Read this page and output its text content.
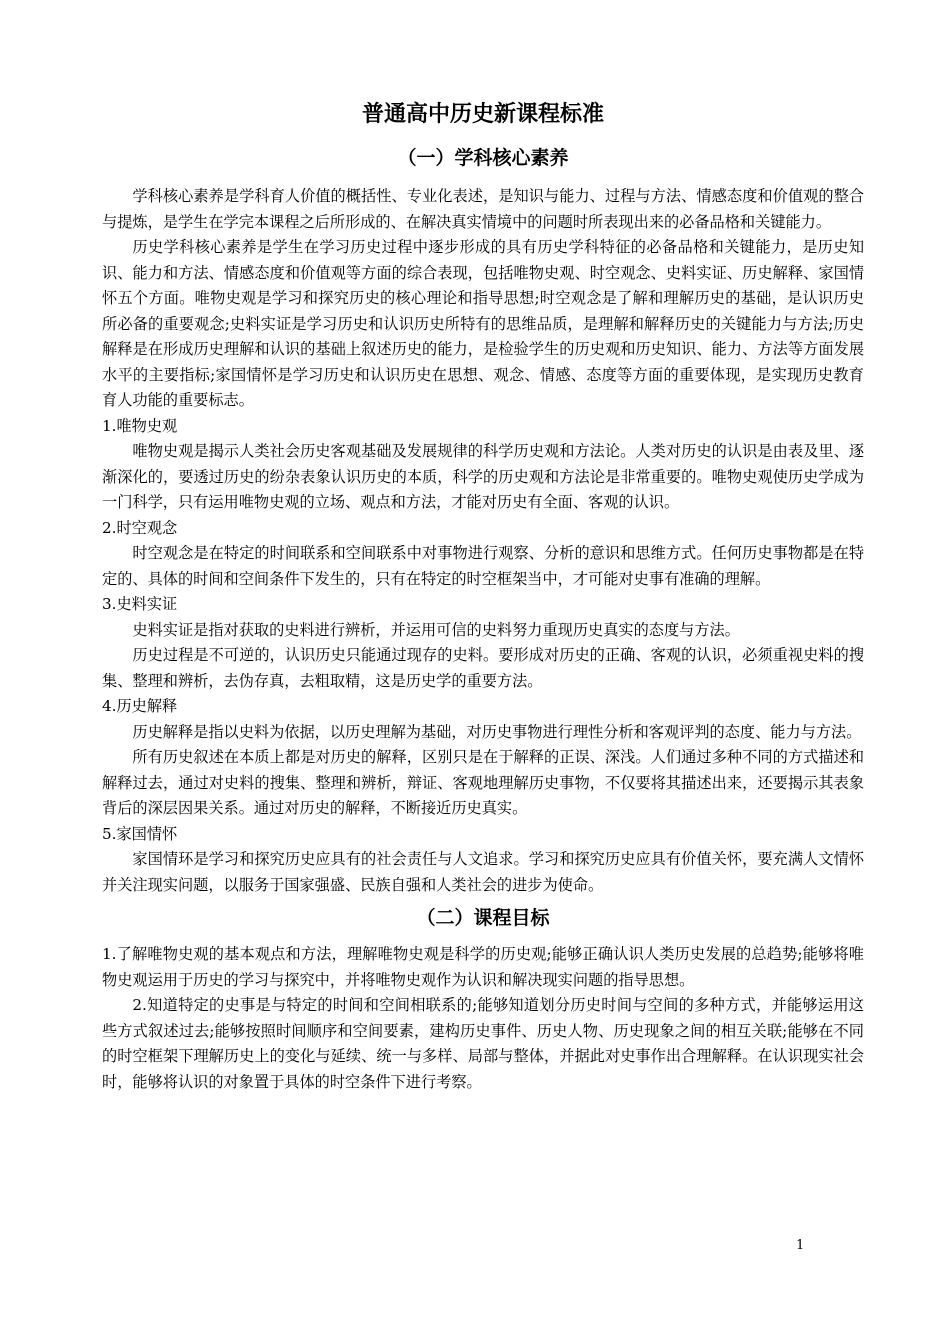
普通高中历史新课程标准
（一）学科核心素养

学科核心素养是学科育人价值的概括性、专业化表述，是知识与能力、过程与方法、情感态度和价值观的整合与提炼，是学生在学完本课程之后所形成的、在解决真实情境中的问题时所表现出来的必备品格和关键能力。

历史学科核心素养是学生在学习历史过程中逐步形成的具有历史学科特征的必备品格和关键能力，是历史知识、能力和方法、情感态度和价值观等方面的综合表现，包括唯物史观、时空观念、史料实证、历史解释、家国情怀五个方面。唯物史观是学习和探究历史的核心理论和指导思想;时空观念是了解和理解历史的基础，是认识历史所必备的重要观念;史料实证是学习历史和认识历史所特有的思维品质，是理解和解释历史的关键能力与方法;历史解释是在形成历史理解和认识的基础上叙述历史的能力，是检验学生的历史观和历史知识、能力、方法等方面发展水平的主要指标;家国情怀是学习历史和认识历史在思想、观念、情感、态度等方面的重要体现，是实现历史教育育人功能的重要标志。

1.唯物史观

唯物史观是揭示人类社会历史客观基础及发展规律的科学历史观和方法论。人类对历史的认识是由表及里、逐渐深化的，要透过历史的纷杂表象认识历史的本质，科学的历史观和方法论是非常重要的。唯物史观使历史学成为一门科学，只有运用唯物史观的立场、观点和方法，才能对历史有全面、客观的认识。

2.时空观念

时空观念是在特定的时间联系和空间联系中对事物进行观察、分析的意识和思维方式。任何历史事物都是在特定的、具体的时间和空间条件下发生的，只有在特定的时空框架当中，才可能对史事有准确的理解。

3.史料实证

史料实证是指对获取的史料进行辨析，并运用可信的史料努力重现历史真实的态度与方法。

历史过程是不可逆的，认识历史只能通过现存的史料。要形成对历史的正确、客观的认识，必须重视史料的搜集、整理和辨析，去伪存真，去粗取精，这是历史学的重要方法。

4.历史解释

历史解释是指以史料为依据，以历史理解为基础，对历史事物进行理性分析和客观评判的态度、能力与方法。

所有历史叙述在本质上都是对历史的解释，区别只是在于解释的正误、深浅。人们通过多种不同的方式描述和解释过去，通过对史料的搜集、整理和辨析，辩证、客观地理解历史事物，不仅要将其描述出来，还要揭示其表象背后的深层因果关系。通过对历史的解释，不断接近历史真实。

5.家国情怀

家国情环是学习和探究历史应具有的社会责任与人文追求。学习和探究历史应具有价值关怀，要充满人文情怀并关注现实问题，以服务于国家强盛、民族自强和人类社会的进步为使命。

（二）课程目标

1.了解唯物史观的基本观点和方法，理解唯物史观是科学的历史观;能够正确认识人类历史发展的总趋势;能够将唯物史观运用于历史的学习与探究中，并将唯物史观作为认识和解决现实问题的指导思想。

2.知道特定的史事是与特定的时间和空间相联系的;能够知道划分历史时间与空间的多种方式，并能够运用这些方式叙述过去;能够按照时间顺序和空间要素，建构历史事件、历史人物、历史现象之间的相互关联;能够在不同的时空框架下理解历史上的变化与延续、统一与多样、局部与整体，并据此对史事作出合理解释。在认识现实社会时，能够将认识的对象置于具体的时空条件下进行考察。

1
